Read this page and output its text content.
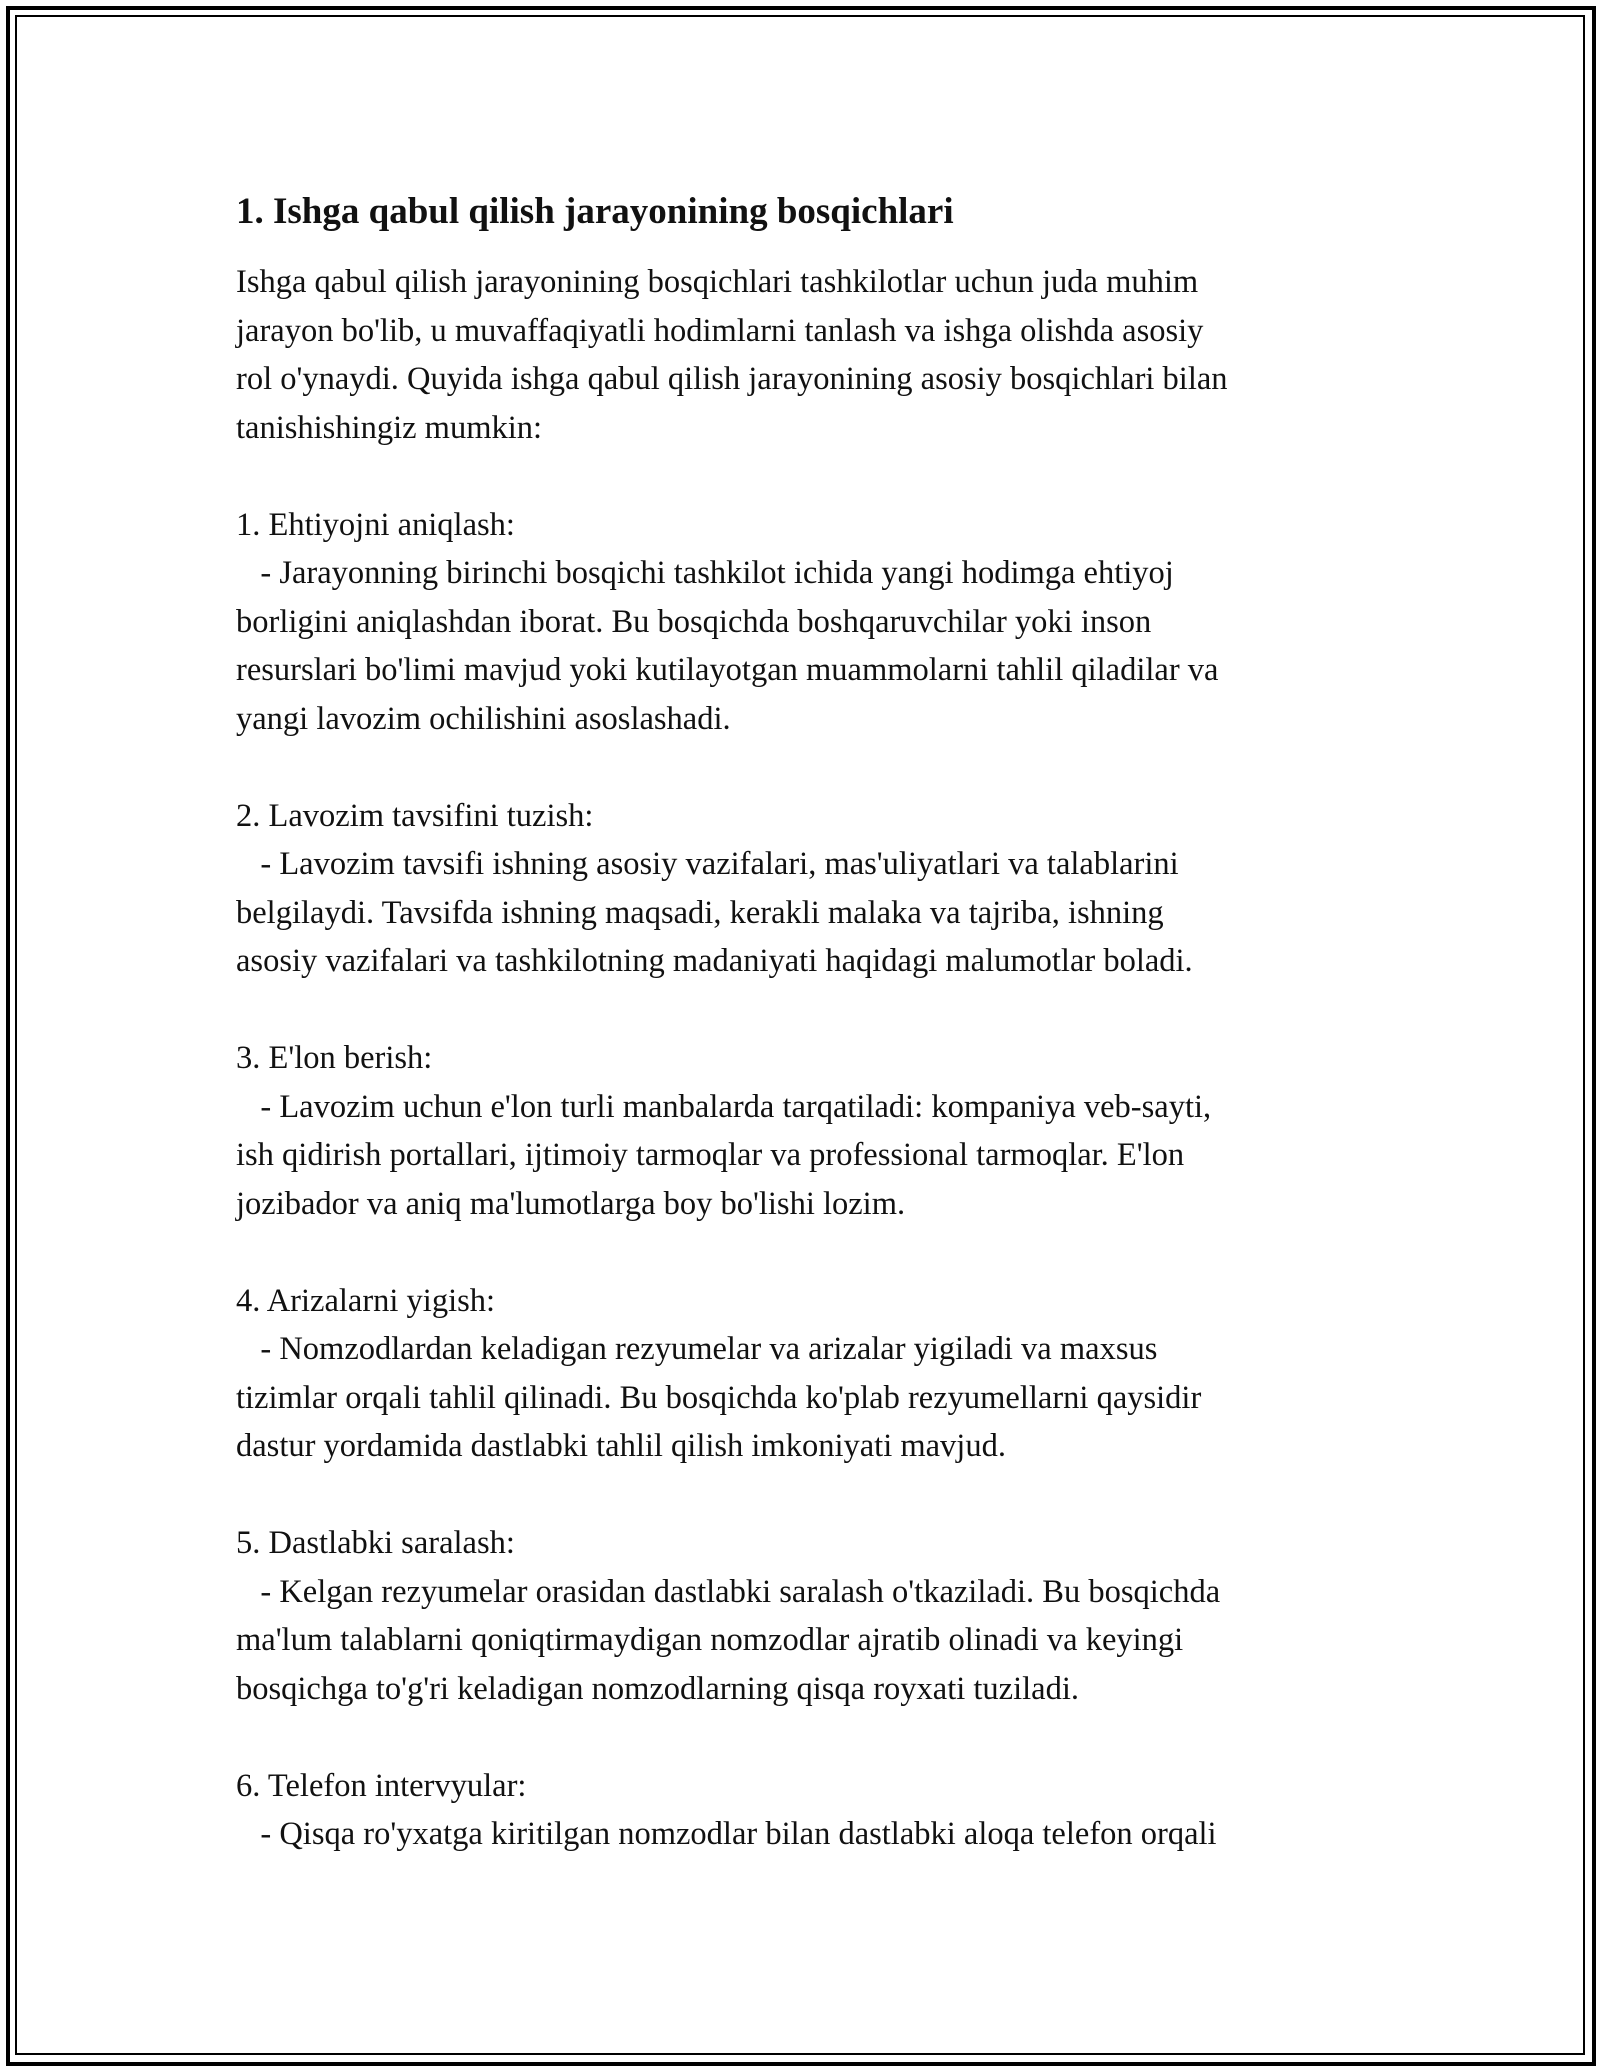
1. Ishga qabul qilish jarayonining bosqichlari

Ishga qabul qilish jarayonining bosqichlari tashkilotlar uchun juda muhim
jarayon bo'lib, u muvaffaqiyatli hodimlarni tanlash va ishga olishda asosiy
rol o'ynaydi. Quyida ishga qabul qilish jarayonining asosiy bosqichlari bilan
tanishishingiz mumkin:

1. Ehtiyojni aniqlash:

- Jarayonning birinchi bosqichi tashkilot ichida yangi hodimga ehtiyoj
borligini aniqlashdan iborat. Bu bosqichda boshqaruvchilar yoki inson
resurslari bo'limi mavjud yoki kutilayotgan muammolarni tahlil qiladilar va
yangi lavozim ochilishini asoslashadi.

2. Lavozim tavsifini tuzish:

- Lavozim tavsifi ishning asosiy vazifalari, mas'uliyatlari va talablarini
belgilaydi. Tavsifda ishning maqsadi, kerakli malaka va tajriba, ishning
asosiy vazifalari va tashkilotning madaniyati haqidagi malumotlar boladi.

3. E'lon berish:

- Lavozim uchun e'lon turli manbalarda tarqatiladi: kompaniya veb-sayti,
ish qidirish portallari, ijtimoiy tarmoqlar va professional tarmoqlar. E'lon
jozibador va aniq ma'lumotlarga boy bo'lishi lozim.

4. Arizalarni yigish:

- Nomzodlardan keladigan rezyumelar va arizalar yigiladi va maxsus
tizimlar orqali tahlil qilinadi. Bu bosqichda ko'plab rezyumellarni qaysidir
dastur yordamida dastlabki tahlil qilish imkoniyati mavjud.

5. Dastlabki saralash:

- Kelgan rezyumelar orasidan dastlabki saralash o'tkaziladi. Bu bosqichda
ma'lum talablarni qoniqtirmaydigan nomzodlar ajratib olinadi va keyingi
bosqichga to'g'ri keladigan nomzodlarning qisqa royxati tuziladi.

6. Telefon intervyular:

- Qisqa ro'yxatga kiritilgan nomzodlar bilan dastlabki aloqa telefon orqali
